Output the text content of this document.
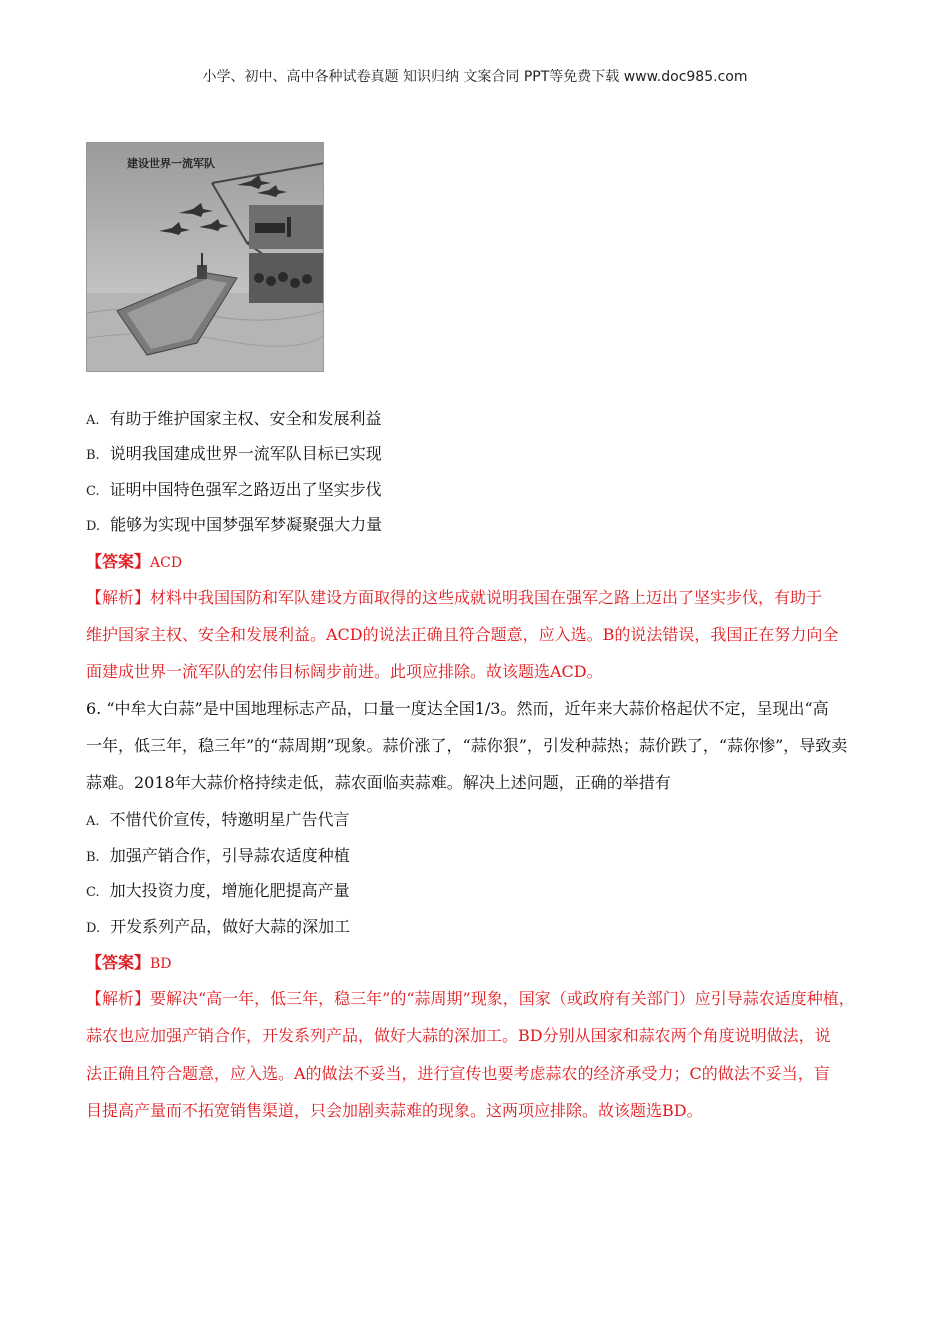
小学、初中、高中各种试卷真题 知识归纳 文案合同 PPT等免费下载 www.doc985.com
建设世界一流军队
A. 有助于维护国家主权、安全和发展利益
B. 说明我国建成世界一流军队目标已实现
C. 证明中国特色强军之路迈出了坚实步伐
D. 能够为实现中国梦强军梦凝聚强大力量
【答案】ACD
【解析】材料中我国国防和军队建设方面取得的这些成就说明我国在强军之路上迈出了坚实步伐，有助于
维护国家主权、安全和发展利益。ACD的说法正确且符合题意，应入选。B的说法错误，我国正在努力向全
面建成世界一流军队的宏伟目标阔步前进。此项应排除。故该题选ACD。
6. “中牟大白蒜”是中国地理标志产品，口量一度达全国1/3。然而，近年来大蒜价格起伏不定，呈现出“高
一年，低三年，稳三年”的“蒜周期”现象。蒜价涨了，“蒜你狠”，引发种蒜热；蒜价跌了，“蒜你惨”，导致卖
蒜难。2018年大蒜价格持续走低，蒜农面临卖蒜难。解决上述问题，正确的举措有
A. 不惜代价宣传，特邀明星广告代言
B. 加强产销合作，引导蒜农适度种植
C. 加大投资力度，增施化肥提高产量
D. 开发系列产品，做好大蒜的深加工
【答案】BD
【解析】要解决“高一年，低三年，稳三年”的“蒜周期”现象，国家（或政府有关部门）应引导蒜农适度种植，
蒜农也应加强产销合作，开发系列产品，做好大蒜的深加工。BD分别从国家和蒜农两个角度说明做法，说
法正确且符合题意，应入选。A的做法不妥当，进行宣传也要考虑蒜农的经济承受力；C的做法不妥当，盲
目提高产量而不拓宽销售渠道，只会加剧卖蒜难的现象。这两项应排除。故该题选BD。
